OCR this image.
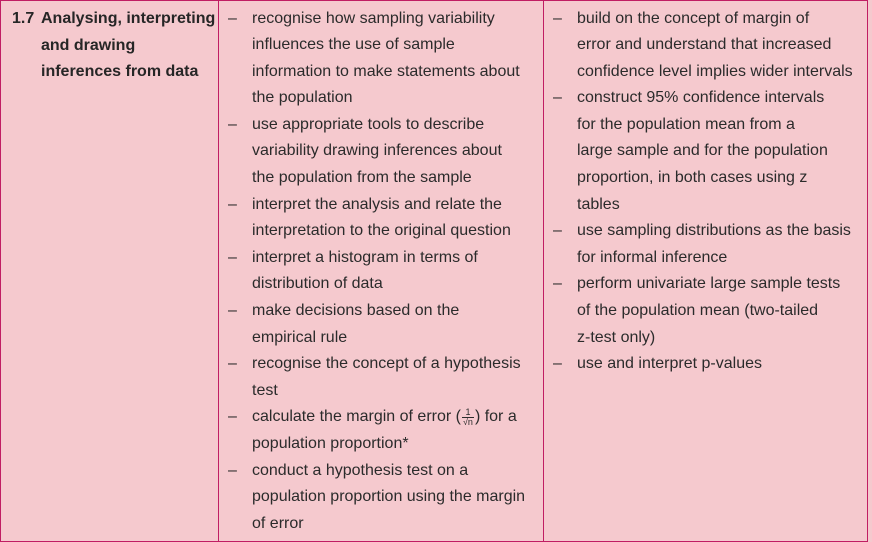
1.7 Analysing, interpreting
and drawing
inferences from data
– recognise how sampling variability
influences the use of sample
information to make statements about
the population
– use appropriate tools to describe
variability drawing inferences about
the population from the sample
– interpret the analysis and relate the
interpretation to the original question
– interpret a histogram in terms of
distribution of data
– make decisions based on the
empirical rule
– recognise the concept of a hypothesis
test
– calculate the margin of error ( $\frac{1}{√n}$ ) for a
population proportion*
– conduct a hypothesis test on a
population proportion using the margin
of error
– build on the concept of margin of
error and understand that increased
confidence level implies wider intervals
– construct 95% confidence intervals
for the population mean from a
large sample and for the population
proportion, in both cases using z
tables
– use sampling distributions as the basis
for informal inference
– perform univariate large sample tests
of the population mean (two-tailed
z-test only)
– use and interpret p-values
